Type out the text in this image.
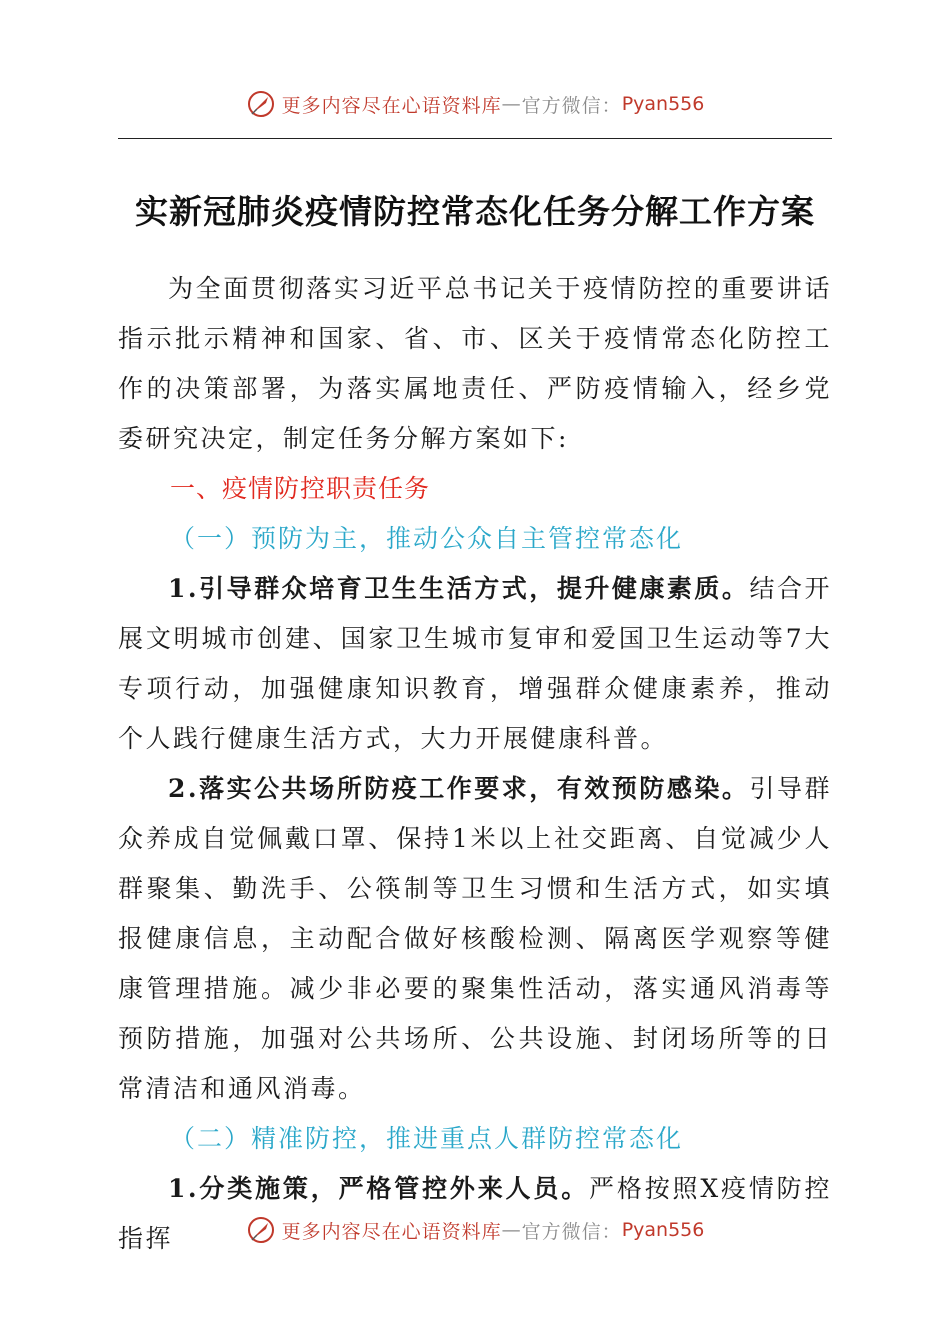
更多内容尽在心语资料库 — 官方微信： Pyan556
实新冠肺炎疫情防控常态化任务分解工作方案

为全面贯彻落实习近平总书记关于疫情防控的重要讲话指示批示精神和国家、省、市、区关于疫情常态化防控工作的决策部署，为落实属地责任、严防疫情输入，经乡党委研究决定，制定任务分解方案如下:

一、疫情防控职责任务

（一）预防为主，推动公众自主管控常态化

1.引导群众培育卫生生活方式，提升健康素质。结合开展文明城市创建、国家卫生城市复审和爱国卫生运动等7大专项行动，加强健康知识教育，增强群众健康素养，推动个人践行健康生活方式，大力开展健康科普。

2.落实公共场所防疫工作要求，有效预防感染。引导群众养成自觉佩戴口罩、保持1米以上社交距离、自觉减少人群聚集、勤洗手、公筷制等卫生习惯和生活方式，如实填报健康信息，主动配合做好核酸检测、隔离医学观察等健康管理措施。减少非必要的聚集性活动，落实通风消毒等预防措施，加强对公共场所、公共设施、封闭场所等的日常清洁和通风消毒。

（二）精准防控，推进重点人群防控常态化

1.分类施策，严格管控外来人员。严格按照X疫情防控指挥	更多内容尽在心语资料库 — 官方微信： Pyan556
